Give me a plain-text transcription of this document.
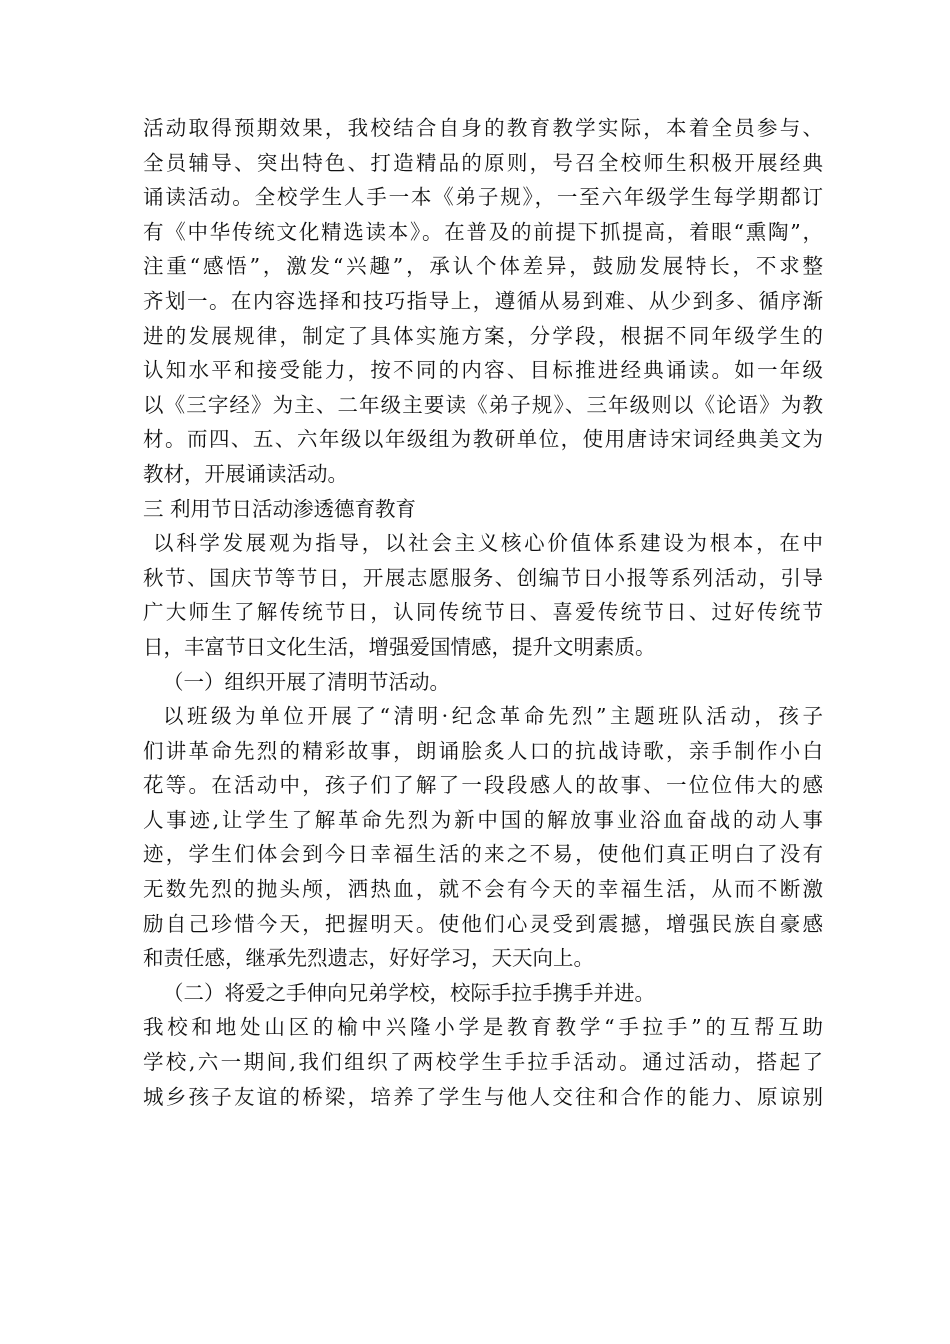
活动取得预期效果，我校结合自身的教育教学实际，本着全员参与、
全员辅导、突出特色、打造精品的原则，号召全校师生积极开展经典
诵读活动。全校学生人手一本《弟子规》，一至六年级学生每学期都订
有《中华传统文化精选读本》。在普及的前提下抓提高，着眼“熏陶”，
注重“感悟”，激发“兴趣”，承认个体差异，鼓励发展特长，不求整
齐划一。在内容选择和技巧指导上，遵循从易到难、从少到多、循序渐
进的发展规律，制定了具体实施方案，分学段，根据不同年级学生的
认知水平和接受能力，按不同的内容、目标推进经典诵读。如一年级
以《三字经》为主、二年级主要读《弟子规》、三年级则以《论语》为教
材。而四、五、六年级以年级组为教研单位，使用唐诗宋词经典美文为
教材，开展诵读活动。
三 利用节日活动渗透德育教育
以科学发展观为指导，以社会主义核心价值体系建设为根本，在中
秋节、国庆节等节日，开展志愿服务、创编节日小报等系列活动，引导
广大师生了解传统节日，认同传统节日、喜爱传统节日、过好传统节
日，丰富节日文化生活，增强爱国情感，提升文明素质。
（一）组织开展了清明节活动。
以班级为单位开展了“清明·纪念革命先烈”主题班队活动，孩子
们讲革命先烈的精彩故事，朗诵脍炙人口的抗战诗歌，亲手制作小白
花等。在活动中，孩子们了解了一段段感人的故事、一位位伟大的感
人事迹,让学生了解革命先烈为新中国的解放事业浴血奋战的动人事
迹，学生们体会到今日幸福生活的来之不易，使他们真正明白了没有
无数先烈的抛头颅，洒热血，就不会有今天的幸福生活，从而不断激
励自己珍惜今天，把握明天。使他们心灵受到震撼，增强民族自豪感
和责任感，继承先烈遗志，好好学习，天天向上。
（二）将爱之手伸向兄弟学校，校际手拉手携手并进。
我校和地处山区的榆中兴隆小学是教育教学“手拉手”的互帮互助
学校,六一期间,我们组织了两校学生手拉手活动。通过活动，搭起了
城乡孩子友谊的桥梁，培养了学生与他人交往和合作的能力、原谅别
